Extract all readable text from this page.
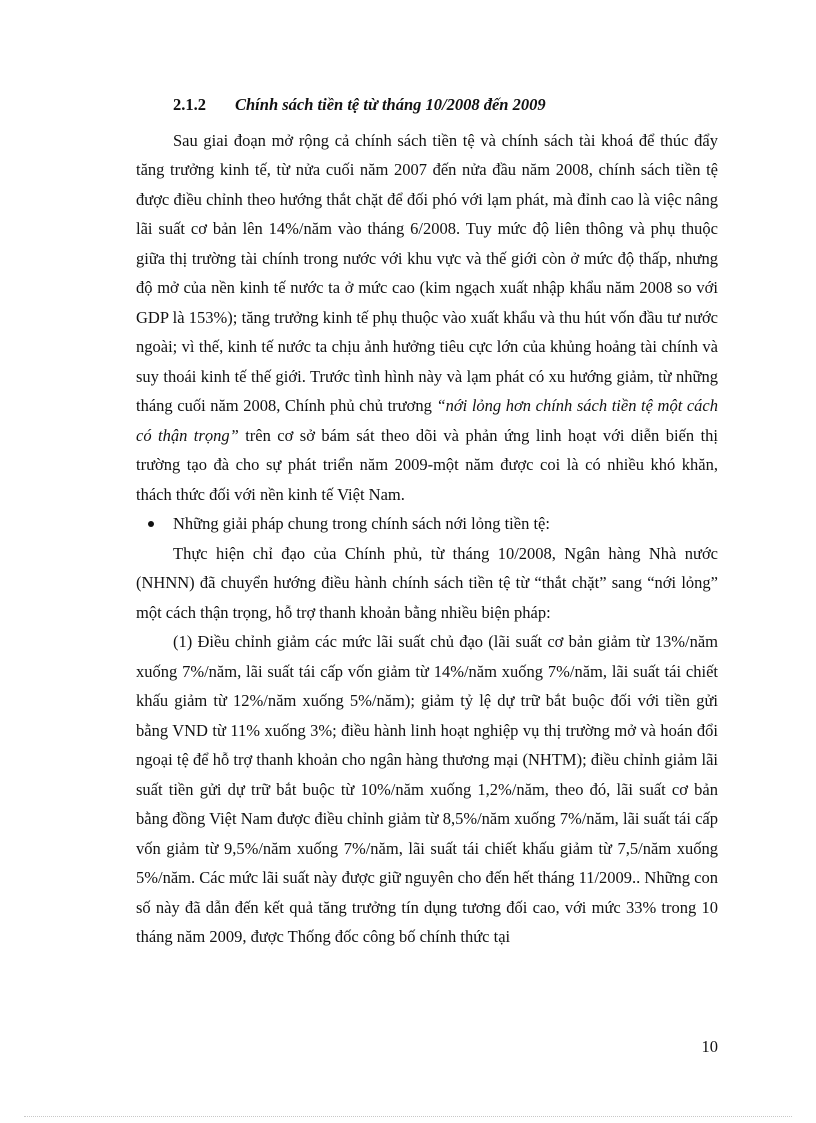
2.1.2 Chính sách tiền tệ từ tháng 10/2008 đến 2009

Sau giai đoạn mở rộng cả chính sách tiền tệ và chính sách tài khoá để thúc đẩy tăng trưởng kinh tế, từ nửa cuối năm 2007 đến nửa đầu năm 2008, chính sách tiền tệ được điều chỉnh theo hướng thắt chặt để đối phó với lạm phát, mà đỉnh cao là việc nâng lãi suất cơ bản lên 14%/năm vào tháng 6/2008. Tuy mức độ liên thông và phụ thuộc giữa thị trường tài chính trong nước với khu vực và thế giới còn ở mức độ thấp, nhưng độ mở của nền kinh tế nước ta ở mức cao (kim ngạch xuất nhập khẩu năm 2008 so với GDP là 153%); tăng trưởng kinh tế phụ thuộc vào xuất khẩu và thu hút vốn đầu tư nước ngoài; vì thế, kinh tế nước ta chịu ảnh hưởng tiêu cực lớn của khủng hoảng tài chính và suy thoái kinh tế thế giới. Trước tình hình này và lạm phát có xu hướng giảm, từ những tháng cuối năm 2008, Chính phủ chủ trương “nới lỏng hơn chính sách tiền tệ một cách có thận trọng” trên cơ sở bám sát theo dõi và phản ứng linh hoạt với diễn biến thị trường tạo đà cho sự phát triển năm 2009-một năm được coi là có nhiều khó khăn, thách thức đối với nền kinh tế Việt Nam.

Những giải pháp chung trong chính sách nới lỏng tiền tệ:

Thực hiện chỉ đạo của Chính phủ, từ tháng 10/2008, Ngân hàng Nhà nước (NHNN) đã chuyển hướng điều hành chính sách tiền tệ từ “thắt chặt” sang “nới lỏng” một cách thận trọng, hỗ trợ thanh khoản bằng nhiều biện pháp:

(1) Điều chỉnh giảm các mức lãi suất chủ đạo (lãi suất cơ bản giảm từ 13%/năm xuống 7%/năm, lãi suất tái cấp vốn giảm từ 14%/năm xuống 7%/năm, lãi suất tái chiết khấu giảm từ 12%/năm xuống 5%/năm); giảm tỷ lệ dự trữ bắt buộc đối với tiền gửi bằng VND từ 11% xuống 3%; điều hành linh hoạt nghiệp vụ thị trường mở và hoán đổi ngoại tệ để hỗ trợ thanh khoản cho ngân hàng thương mại (NHTM); điều chỉnh giảm lãi suất tiền gửi dự trữ bắt buộc từ 10%/năm xuống 1,2%/năm, theo đó, lãi suất cơ bản bằng đồng Việt Nam được điều chỉnh giảm từ 8,5%/năm xuống 7%/năm, lãi suất tái cấp vốn giảm từ 9,5%/năm xuống 7%/năm, lãi suất tái chiết khấu giảm từ 7,5/năm xuống 5%/năm. Các mức lãi suất này được giữ nguyên cho đến hết tháng 11/2009.. Những con số này đã dẫn đến kết quả tăng trưởng tín dụng tương đối cao, với mức 33% trong 10 tháng năm 2009, được Thống đốc công bố chính thức tại

10
